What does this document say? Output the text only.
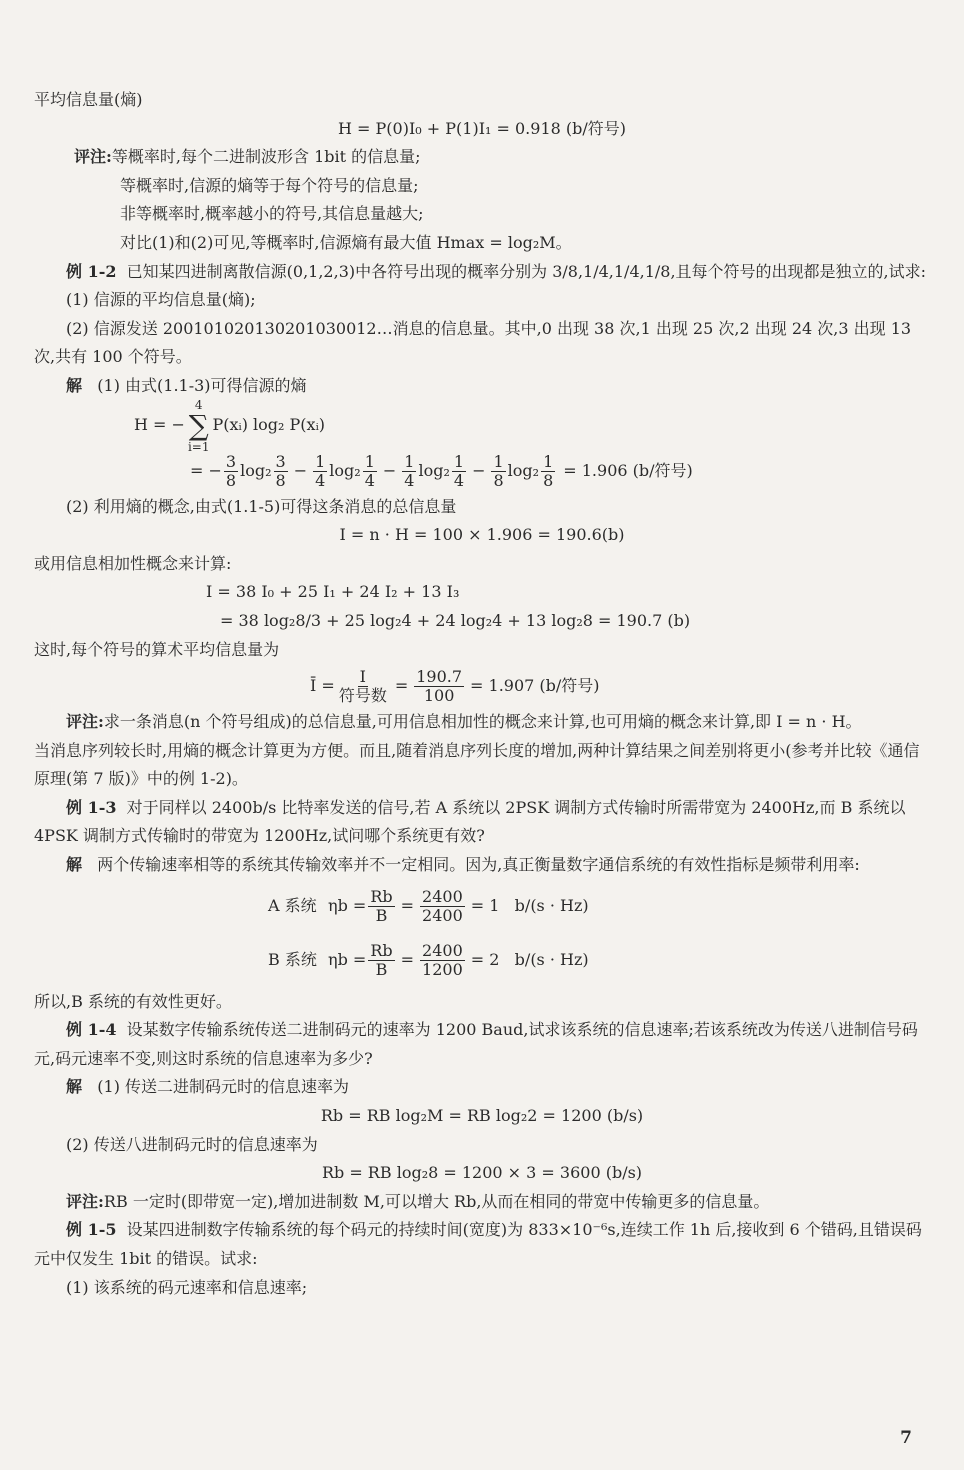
平均信息量(熵)

H = P(0)I₀ + P(1)I₁ = 0.918 (b/符号)

评注:等概率时,每个二进制波形含 1bit 的信息量;

等概率时,信源的熵等于每个符号的信息量;

非等概率时,概率越小的符号,其信息量越大;

对比(1)和(2)可见,等概率时,信源熵有最大值 Hmax = log₂M。

例 1-2 已知某四进制离散信源(0,1,2,3)中各符号出现的概率分别为 3/8,1/4,1/4,1/8,且每个符号的出现都是独立的,试求:

(1) 信源的平均信息量(熵);

(2) 信源发送 20010102013020103001​2…消息的信息量。其中,0 出现 38 次,1 出现 25 次,2 出现 24 次,3 出现 13 次,共有 100 个符号。

解 (1) 由式(1.1-3)可得信源的熵

H = −
4
∑
i=1
P(xᵢ) log₂ P(xᵢ)

= − $\frac{3}{8} \log_2 \frac{3}{8} - \frac{1}{4} \log_2 \frac{1}{4} - \frac{1}{4} \log_2 \frac{1}{4} - \frac{1}{8} \log_2 \frac{1}{8} = 1.906$ (b/符号)

(2) 利用熵的概念,由式(1.1-5)可得这条消息的总信息量

I = n · H = 100 × 1.906 = 190.6(b)

或用信息相加性概念来计算:

I = 38 I₀ + 25 I₁ + 24 I₂ + 13 I₃

= 38 log₂8/3 + 25 log₂4 + 24 log₂4 + 13 log₂8 = 190.7 (b)

这时,每个符号的算术平均信息量为

Ī = $\frac{I}{\text{符号数}} = \frac{190.7}{100} = 1.907$ (b/符号)

评注:求一条消息(n 个符号组成)的总信息量,可用信息相加性的概念来计算,也可用熵的概念来计算,即 I = n · H。

当消息序列较长时,用熵的概念计算更为方便。而且,随着消息序列长度的增加,两种计算结果之间差别将更小(参考并比较《通信原理(第 7 版)》中的例 1-2)。

例 1-3 对于同样以 2400b/s 比特率发送的信号,若 A 系统以 2PSK 调制方式传输时所需带宽为 2400Hz,而 B 系统以 4PSK 调制方式传输时的带宽为 1200Hz,试问哪个系统更有效?

解 两个传输速率相等的系统其传输效率并不一定相同。因为,真正衡量数字通信系统的有效性指标是频带利用率:

A 系统 $\eta b = \frac{Rb}{B} = \frac{2400}{2400} = 1$   b/(s · Hz)
B 系统 $\eta b = \frac{Rb}{B} = \frac{2400}{1200} = 2$   b/(s · Hz)

所以,B 系统的有效性更好。

例 1-4 设某数字传输系统传送二进制码元的速率为 1200 Baud,试求该系统的信息速率;若该系统改为传送八进制信号码元,码元速率不变,则这时系统的信息速率为多少?

解 (1) 传送二进制码元时的信息速率为

Rb = RB log₂M = RB log₂2 = 1200 (b/s)

(2) 传送八进制码元时的信息速率为

Rb = RB log₂8 = 1200 × 3 = 3600 (b/s)

评注:RB 一定时(即带宽一定),增加进制数 M,可以增大 Rb,从而在相同的带宽中传输更多的信息量。

例 1-5 设某四进制数字传输系统的每个码元的持续时间(宽度)为 833×10⁻⁶s,连续工作 1h 后,接收到 6 个错码,且错误码元中仅发生 1bit 的错误。试求:

(1) 该系统的码元速率和信息速率;

7
